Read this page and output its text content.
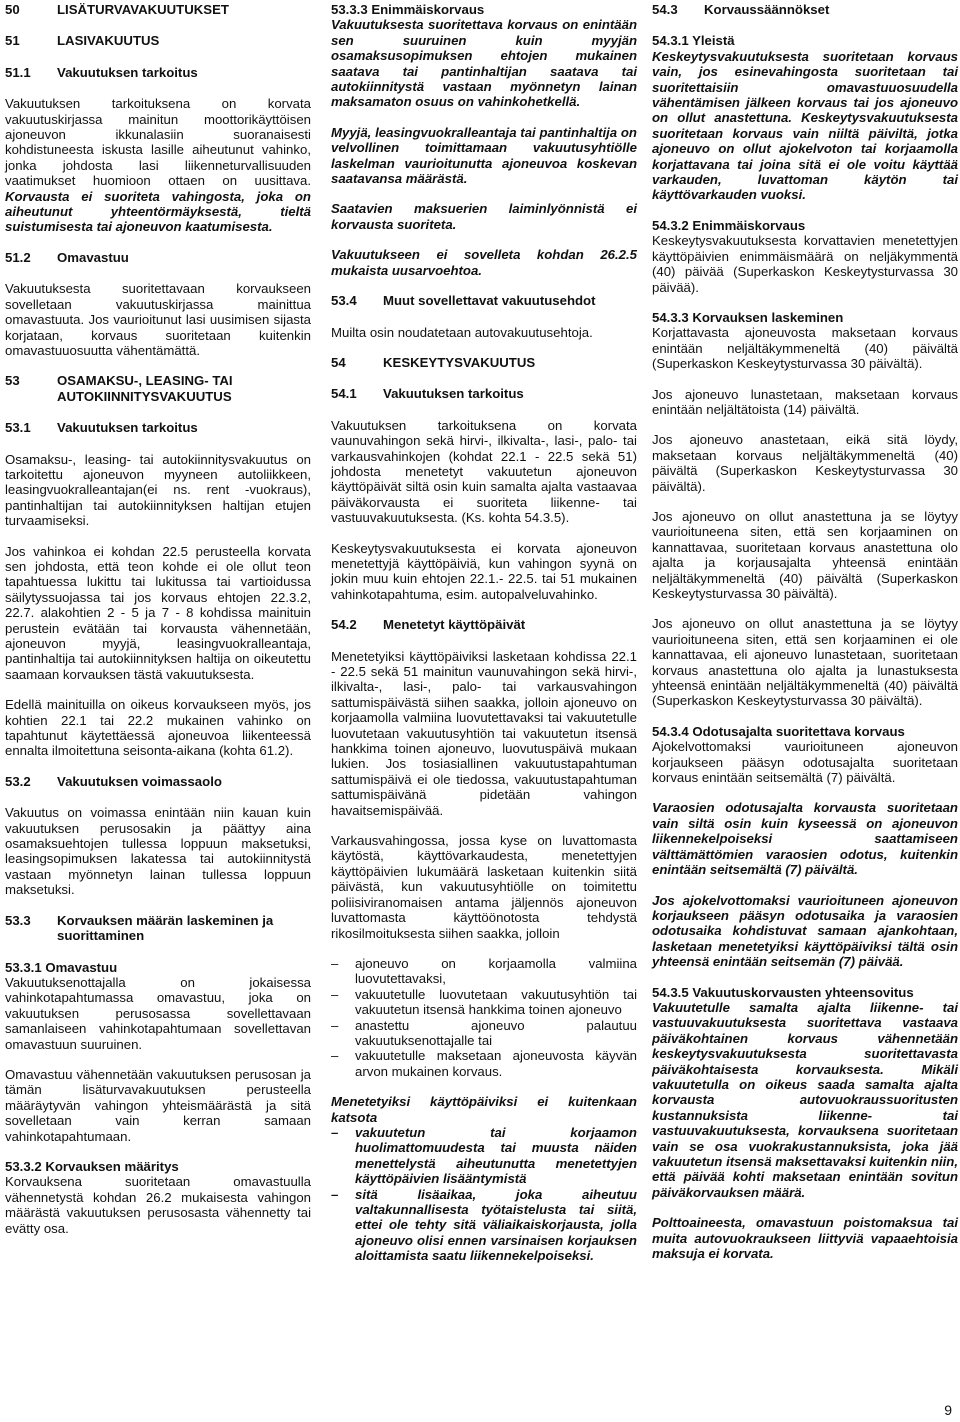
50	LISÄTURVAVAKUUTUKSET
51	LASIVAKUUTUS
51.1 Vakuutuksen tarkoitus
Vakuutuksen tarkoituksena on korvata vakuutuskirjassa mainitun moottorikäyttöisen ajoneuvon ikkunalasiin suoranaisesti kohdistuneesta iskusta lasille aiheutunut vahinko, jonka johdosta lasi liikenneturvallisuuden vaatimukset huomioon ottaen on uusittava. Korvausta ei suoriteta vahingosta, joka on aiheutunut yhteentörmäyksestä, tieltä suistumisesta tai ajoneuvon kaatumisesta.
51.2 Omavastuu
Vakuutuksesta suoritettavaan korvaukseen sovelletaan vakuutuskirjassa mainittua omavastuuta. Jos vaurioitunut lasi uusimisen sijasta korjataan, korvaus suoritetaan kuitenkin omavastuuosuutta vähentämättä.
53	OSAMAKSU-, LEASING- TAI AUTOKIINNITYSVAKUUTUS
53.1 Vakuutuksen tarkoitus
Osamaksu-, leasing- tai autokiinnitysvakuutus on tarkoitettu ajoneuvon myyneen autoliikkeen, leasingvuokralleantajan(ei ns. rent -vuokraus), pantinhaltijan tai autokiinnityksen haltijan etujen turvaamiseksi.
Jos vahinkoa ei kohdan 22.5 perusteella korvata sen johdosta, että teon kohde ei ole ollut teon tapahtuessa lukittu tai lukitussa tai vartioidussa säilytyssuojassa tai jos korvaus ehtojen 22.3.2, 22.7. alakohtien 2 - 5 ja 7 - 8 kohdissa mainituin perustein evätään tai korvausta vähennetään, ajoneuvon myyjä, leasingvuokralleantaja, pantinhaltija tai autokiinnityksen haltija on oikeutettu saamaan korvauksen tästä vakuutuksesta.
Edellä mainituilla on oikeus korvaukseen myös, jos kohtien 22.1 tai 22.2 mukainen vahinko on tapahtunut käytettäessä ajoneuvoa liikenteessä ennalta ilmoitettuna seisonta-aikana (kohta 61.2).
53.2 Vakuutuksen voimassaolo
Vakuutus on voimassa enintään niin kauan kuin vakuutuksen perusosakin ja päättyy aina osamaksuehtojen tullessa loppuun maksetuksi, leasingsopimuksen lakatessa tai autokiinnitystä vastaan myönnetyn lainan tullessa loppuun maksetuksi.
53.3 Korvauksen määrän laskeminen ja suorittaminen
53.3.1 Omavastuu
Vakuutuksenottajalla on jokaisessa vahinkotapahtumassa omavastuu, joka on vakuutuksen perusosassa sovellettavaan samanlaiseen vahinkotapahtumaan sovellettavan omavastuun suuruinen.
Omavastuu vähennetään vakuutuksen perusosan ja tämän lisäturvavakuutuksen perusteella määräytyvän vahingon yhteismäärästä ja sitä sovelletaan vain kerran samaan vahinkotapahtumaan.
53.3.2 Korvauksen määritys
Korvauksena suoritetaan omavastuulla vähennetystä kohdan 26.2 mukaisesta vahingon määrästä vakuutuksen perusosasta vähennetty tai evätty osa.
53.3.3 Enimmäiskorvaus
Vakuutuksesta suoritettava korvaus on enintään sen suuruinen kuin myyjän osamaksusopimuksen ehtojen mukainen saatava tai pantinhaltijan saatava tai autokiinnitystä vastaan myönnetyn lainan maksamaton osuus on vahinkohetkellä.
Myyjä, leasingvuokralleantaja tai pantinhaltija on velvollinen toimittamaan vakuutusyhtiölle laskelman vaurioitunutta ajoneuvoa koskevan saatavansa määrästä.
Saatavien maksuerien laiminlyönnistä ei korvausta suoriteta.
Vakuutukseen ei sovelleta kohdan 26.2.5 mukaista uusarvoehtoa.
53.4 Muut sovellettavat vakuutusehdot
Muilta osin noudatetaan autovakuutusehtoja.
54	KESKEYTYSVAKUUTUS
54.1 Vakuutuksen tarkoitus
Vakuutuksen tarkoituksena on korvata vaunuvahingon sekä hirvi-, ilkivalta-, lasi-, palo- tai varkausvahinkojen (kohdat 22.1 - 22.5 sekä 51) johdosta menetetyt vakuutetun ajoneuvon käyttöpäivät siltä osin kuin samalta ajalta vastaavaa päiväkorvausta ei suoriteta liikenne- tai vastuuvakuutuksesta. (Ks. kohta 54.3.5).
Keskeytysvakuutuksesta ei korvata ajoneuvon menetettyjä käyttöpäiviä, kun vahingon syynä on jokin muu kuin ehtojen 22.1.- 22.5. tai 51 mukainen vahinkotapahtuma, esim. autopalveluvahinko.
54.2 Menetetyt käyttöpäivät
Menetetyiksi käyttöpäiviksi lasketaan kohdissa 22.1 - 22.5 sekä 51 mainitun vaunuvahingon sekä hirvi-, ilkivalta-, lasi-, palo- tai varkausvahingon sattumispäivästä siihen saakka, jolloin ajoneuvo on korjaamolla valmiina luovutettavaksi tai vakuutetulle luovutetaan vakuutusyhtiön tai vakuutetun itsensä hankkima toinen ajoneuvo, luovutuspäivä mukaan lukien. Jos tosiasiallinen vakuutustapahtuman sattumispäivä ei ole tiedossa, vakuutustapahtuman sattumispäivänä pidetään vahingon havaitsemispäivää.
Varkausvahingossa, jossa kyse on luvattomasta käytöstä, käyttövarkaudesta, menetettyjen käyttöpäivien lukumäärä lasketaan kuitenkin siitä päivästä, kun vakuutusyhtiölle on toimitettu poliisiviranomaisen antama jäljennös ajoneuvon luvattomasta käyttöönotosta tehdystä rikosilmoituksesta siihen saakka, jolloin
– ajoneuvo on korjaamolla valmiina luovutettavaksi,
– vakuutetulle luovutetaan vakuutusyhtiön tai vakuutetun itsensä hankkima toinen ajoneuvo
– anastettu ajoneuvo palautuu vakuutuksenottajalle tai
– vakuutetulle maksetaan ajoneuvosta käyvän arvon mukainen korvaus.
Menetetyiksi käyttöpäiviksi ei kuitenkaan katsota
– vakuutetun tai korjaamon huolimattomuudesta tai muusta näiden menettelystä aiheutunutta menetettyjen käyttöpäivien lisääntymistä
– sitä lisäaikaa, joka aiheutuu valtakunnallisesta työtaistelusta tai siitä, ettei ole tehty sitä väliaikaiskorjausta, jolla ajoneuvo olisi ennen varsinaisen korjauksen aloittamista saatu liikennekelpoiseksi.
54.3 Korvaussäännökset
54.3.1 Yleistä
Keskeytysvakuutuksesta suoritetaan korvaus vain, jos esinevahingosta suoritetaan tai suoritettaisiin omavastuuosuudella vähentämisen jälkeen korvaus tai jos ajoneuvo on ollut anastettuna. Keskeytysvakuutuksesta suoritetaan korvaus vain niiltä päiviltä, jotka ajoneuvo on ollut ajokelvoton tai korjaamolla korjattavana tai joina sitä ei ole voitu käyttää varkauden, luvattoman käytön tai käyttövarkauden vuoksi.
54.3.2 Enimmäiskorvaus
Keskeytysvakuutuksesta korvattavien menetettyjen käyttöpäivien enimmäismäärä on neljäkymmentä (40) päivää (Superkaskon Keskeytysturvassa 30 päivää).
54.3.3 Korvauksen laskeminen
Korjattavasta ajoneuvosta maksetaan korvaus enintään neljältäkymmeneltä (40) päivältä (Superkaskon Keskeytysturvassa 30 päivältä).
Jos ajoneuvo lunastetaan, maksetaan korvaus enintään neljältätoista (14) päivältä.
Jos ajoneuvo anastetaan, eikä sitä löydy, maksetaan korvaus neljältäkymmeneltä (40) päivältä (Superkaskon Keskeytysturvassa 30 päivältä).
Jos ajoneuvo on ollut anastettuna ja se löytyy vaurioituneena siten, että sen korjaaminen on kannattavaa, suoritetaan korvaus anastettuna olo ajalta ja korjausajalta yhteensä enintään neljältäkymmeneltä (40) päivältä (Superkaskon Keskeytysturvassa 30 päivältä).
Jos ajoneuvo on ollut anastettuna ja se löytyy vaurioituneena siten, että sen korjaaminen ei ole kannattavaa, eli ajoneuvo lunastetaan, suoritetaan korvaus anastettuna olo ajalta ja lunastuksesta yhteensä enintään neljältäkymmeneltä (40) päivältä (Superkaskon Keskeytysturvassa 30 päivältä).
54.3.4 Odotusajalta suoritettava korvaus
Ajokelvottomaksi vaurioituneen ajoneuvon korjaukseen pääsyn odotusajalta suoritetaan korvaus enintään seitsemältä (7) päivältä.
Varaosien odotusajalta korvausta suoritetaan vain siltä osin kuin kyseessä on ajoneuvon liikennekelpoiseksi saattamiseen välttämättömien varaosien odotus, kuitenkin enintään seitsemältä (7) päivältä.
Jos ajokelvottomaksi vaurioituneen ajoneuvon korjaukseen pääsyn odotusaika ja varaosien odotusaika kohdistuvat samaan ajankohtaan, lasketaan menetetyiksi käyttöpäiviksi tältä osin yhteensä enintään seitsemän (7) päivää.
54.3.5 Vakuutuskorvausten yhteensovitus
Vakuutetulle samalta ajalta liikenne- tai vastuuvakuutuksesta suoritettava vastaava päiväkohtainen korvaus vähennetään keskeytysvakuutuksesta suoritettavasta päiväkohtaisesta korvauksesta. Mikäli vakuutetulla on oikeus saada samalta ajalta korvausta autovuokraussuoritusten kustannuksista liikenne- tai vastuuvakuutuksesta, korvauksena suoritetaan vain se osa vuokrakustannuksista, joka jää vakuutetun itsensä maksettavaksi kuitenkin niin, että päivää kohti maksetaan enintään sovitun päiväkorvauksen määrä.
Polttoaineesta, omavastuun poistomaksua tai muita autovuokraukseen liittyviä vapaaehtoisia maksuja ei korvata.
9
